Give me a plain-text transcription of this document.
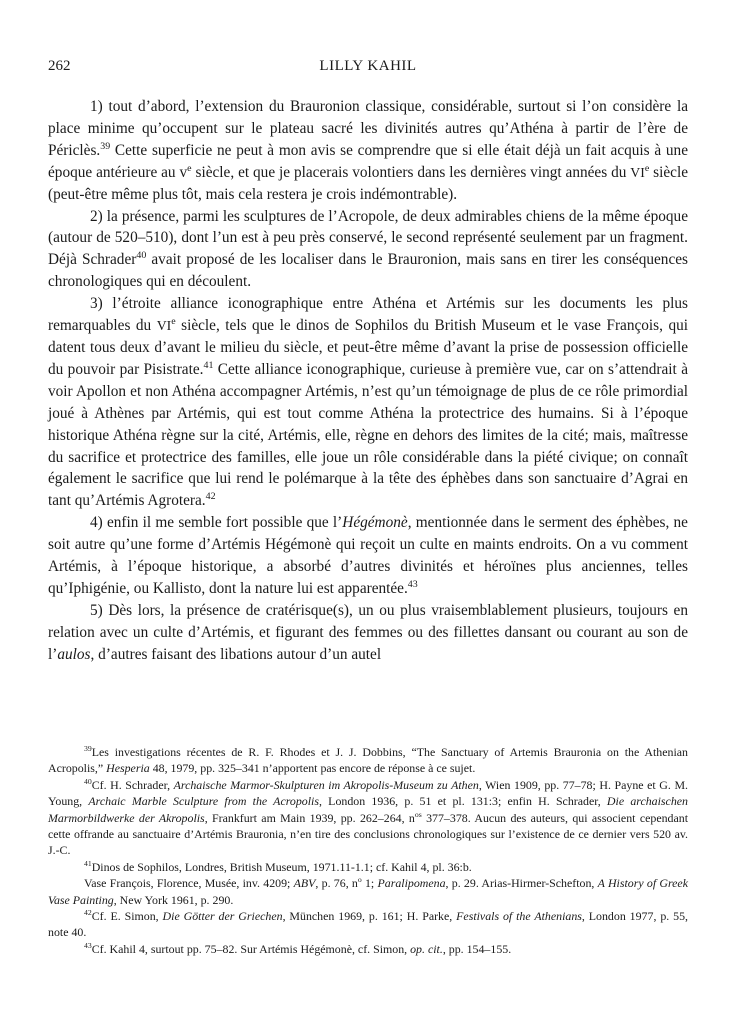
262	LILLY KAHIL

1) tout d’abord, l’extension du Brauronion classique, considérable, surtout si l’on considère la place minime qu’occupent sur le plateau sacré les divinités autres qu’Athéna à partir de l’ère de Périclès.$^{39}$ Cette superficie ne peut à mon avis se comprendre que si elle était déjà un fait acquis à une époque antérieure au $v^e$ siècle, et que je placerais volontiers dans les dernières vingt années du VIe siècle (peut-être même plus tôt, mais cela restera je crois indémontrable).

2) la présence, parmi les sculptures de l’Acropole, de deux admirables chiens de la même époque (autour de 520–510), dont l’un est à peu près conservé, le second représenté seulement par un fragment. Déjà Schrader$^{40}$ avait proposé de les localiser dans le Brauronion, mais sans en tirer les conséquences chronologiques qui en découlent.

3) l’étroite alliance iconographique entre Athéna et Artémis sur les documents les plus remarquables du VIe siècle, tels que le dinos de Sophilos du British Museum et le vase François, qui datent tous deux d’avant le milieu du siècle, et peut-être même d’avant la prise de possession officielle du pouvoir par Pisistrate.$^{41}$ Cette alliance iconographique, curieuse à première vue, car on s’attendrait à voir Apollon et non Athéna accompagner Artémis, n’est qu’un témoignage de plus de ce rôle primordial joué à Athènes par Artémis, qui est tout comme Athéna la protectrice des humains. Si à l’époque historique Athéna règne sur la cité, Artémis, elle, règne en dehors des limites de la cité; mais, maîtresse du sacrifice et protectrice des familles, elle joue un rôle considérable dans la piété civique; on connaît également le sacrifice que lui rend le polémarque à la tête des éphèbes dans son sanctuaire d’Agrai en tant qu’Artémis Agrotera.$^{42}$

4) enfin il me semble fort possible que l’Hégémonè, mentionnée dans le serment des éphèbes, ne soit autre qu’une forme d’Artémis Hégémonè qui reçoit un culte en maints endroits. On a vu comment Artémis, à l’époque historique, a absorbé d’autres divinités et héroïnes plus anciennes, telles qu’Iphigénie, ou Kallisto, dont la nature lui est apparentée.$^{43}$

5) Dès lors, la présence de cratérisque(s), un ou plus vraisemblablement plusieurs, toujours en relation avec un culte d’Artémis, et figurant des femmes ou des fillettes dansant ou courant au son de l’aulos, d’autres faisant des libations autour d’un autel

$^{39}$Les investigations récentes de R. F. Rhodes et J. J. Dobbins, “The Sanctuary of Artemis Brauronia on the Athenian Acropolis,” Hesperia 48, 1979, pp. 325–341 n’apportent pas encore de réponse à ce sujet.

$^{40}$Cf. H. Schrader, Archaische Marmor-Skulpturen im Akropolis-Museum zu Athen, Wien 1909, pp. 77–78; H. Payne et G. M. Young, Archaic Marble Sculpture from the Acropolis, London 1936, p. 51 et pl. 131:3; enfin H. Schrader, Die archaischen Marmorbildwerke der Akropolis, Frankfurt am Main 1939, pp. 262–264, $n^{os}$ 377–378. Aucun des auteurs, qui associent cependant cette offrande au sanctuaire d’Artémis Brauronia, n’en tire des conclusions chronologiques sur l’existence de ce dernier vers 520 av. J.-C.

$^{41}$Dinos de Sophilos, Londres, British Museum, 1971.11-1.1; cf. Kahil 4, pl. 36:b.

Vase François, Florence, Musée, inv. 4209; ABV, p. 76, $n^o$ 1; Paralipomena, p. 29. Arias-Hirmer-Schefton, A History of Greek Vase Painting, New York 1961, p. 290.

$^{42}$Cf. E. Simon, Die Götter der Griechen, München 1969, p. 161; H. Parke, Festivals of the Athenians, London 1977, p. 55, note 40.

$^{43}$Cf. Kahil 4, surtout pp. 75–82. Sur Artémis Hégémonè, cf. Simon, op. cit., pp. 154–155.
